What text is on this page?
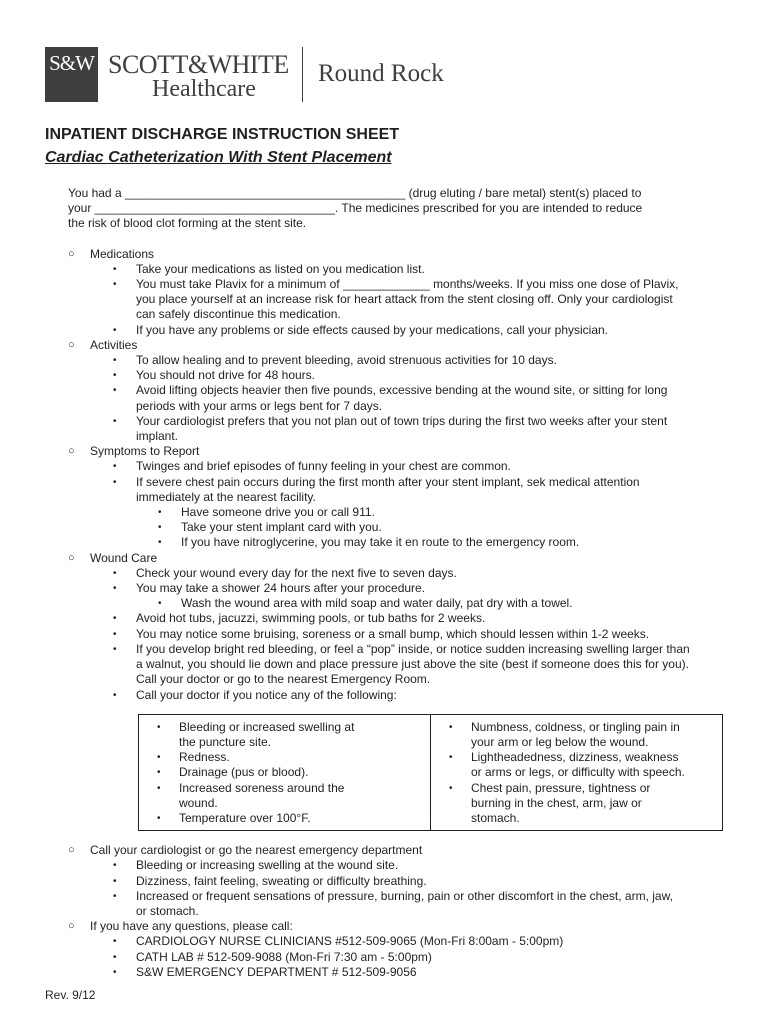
S&W SCOTT&WHITE
Healthcare
Round Rock
INPATIENT DISCHARGE INSTRUCTION SHEET
Cardiac Catheterization With Stent Placement

You had a __________________________________________ (drug eluting / bare metal) stent(s) placed to

your ____________________________________. The medicines prescribed for you are intended to reduce

the risk of blood clot forming at the stent site.

○ Medications
• Take your medications as listed on you medication list.
• You must take Plavix for a minimum of _____________ months/weeks. If you miss one dose of Plavix,
you place yourself at an increase risk for heart attack from the stent closing off. Only your cardiologist
can safely discontinue this medication.
• If you have any problems or side effects caused by your medications, call your physician.
○ Activities
• To allow healing and to prevent bleeding, avoid strenuous activities for 10 days.
• You should not drive for 48 hours.
• Avoid lifting objects heavier then five pounds, excessive bending at the wound site, or sitting for long
periods with your arms or legs bent for 7 days.
• Your cardiologist prefers that you not plan out of town trips during the first two weeks after your stent
implant.
○ Symptoms to Report
• Twinges and brief episodes of funny feeling in your chest are common.
• If severe chest pain occurs during the first month after your stent implant, sek medical attention
immediately at the nearest facility.
• Have someone drive you or call 911.
• Take your stent implant card with you.
• If you have nitroglycerine, you may take it en route to the emergency room.
○ Wound Care
• Check your wound every day for the next five to seven days.
• You may take a shower 24 hours after your procedure.
• Wash the wound area with mild soap and water daily, pat dry with a towel.
• Avoid hot tubs, jacuzzi, swimming pools, or tub baths for 2 weeks.
• You may notice some bruising, soreness or a small bump, which should lessen within 1-2 weeks.
• If you develop bright red bleeding, or feel a “pop” inside, or notice sudden increasing swelling larger than
a walnut, you should lie down and place pressure just above the site (best if someone does this for you).
Call your doctor or go to the nearest Emergency Room.
• Call your doctor if you notice any of the following:
• Bleeding or increased swelling at
the puncture site.
• Redness.
• Drainage (pus or blood).
• Increased soreness around the
wound.
• Temperature over 100°F.
• Numbness, coldness, or tingling pain in
your arm or leg below the wound.
• Lightheadedness, dizziness, weakness
or arms or legs, or difficulty with speech.
• Chest pain, pressure, tightness or
burning in the chest, arm, jaw or
stomach.
○ Call your cardiologist or go the nearest emergency department
• Bleeding or increasing swelling at the wound site.
• Dizziness, faint feeling, sweating or difficulty breathing.
• Increased or frequent sensations of pressure, burning, pain or other discomfort in the chest, arm, jaw,
or stomach.
○ If you have any questions, please call:
• CARDIOLOGY NURSE CLINICIANS #512-509-9065 (Mon-Fri 8:00am - 5:00pm)
• CATH LAB # 512-509-9088 (Mon-Fri 7:30 am - 5:00pm)
• S&W EMERGENCY DEPARTMENT # 512-509-9056
Rev. 9/12
